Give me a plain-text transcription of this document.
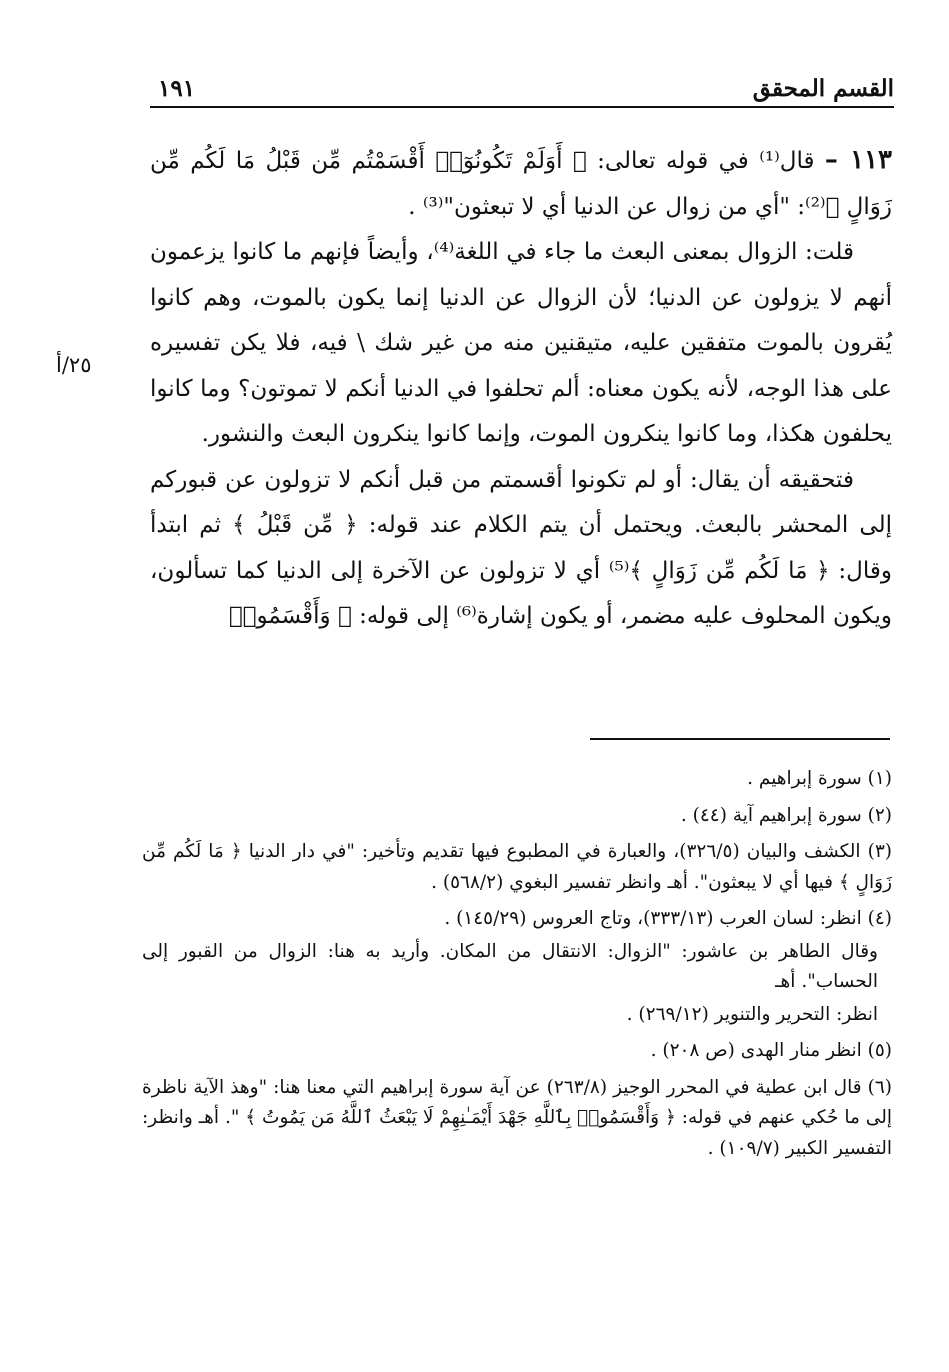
القسم المحقق
١٩١
٢٥/أ

١١٣ – قال⁽¹⁾ في قوله تعالى: ﴿ أَوَلَمْ تَكُونُوٓا۟ أَقْسَمْتُم مِّن قَبْلُ مَا لَكُم مِّن زَوَالٍ ﴾⁽²⁾: "أي من زوال عن الدنيا أي لا تبعثون"⁽³⁾ .

قلت: الزوال بمعنى البعث ما جاء في اللغة⁽⁴⁾، وأيضاً فإنهم ما كانوا يزعمون أنهم لا يزولون عن الدنيا؛ لأن الزوال عن الدنيا إنما يكون بالموت، وهم كانوا يُقرون بالموت متفقين عليه، متيقنين منه من غير شك \ فيه، فلا يكن تفسيره على هذا الوجه، لأنه يكون معناه: ألم تحلفوا في الدنيا أنكم لا تموتون؟ وما كانوا يحلفون هكذا، وما كانوا ينكرون الموت، وإنما كانوا ينكرون البعث والنشور.

فتحقيقه أن يقال: أو لم تكونوا أقسمتم من قبل أنكم لا تزولون عن قبوركم إلى المحشر بالبعث. ويحتمل أن يتم الكلام عند قوله: ﴿ مِّن قَبْلُ ﴾ ثم ابتدأ وقال: ﴿ مَا لَكُم مِّن زَوَالٍ ﴾⁽⁵⁾ أي لا تزولون عن الآخرة إلى الدنيا كما تسألون، ويكون المحلوف عليه مضمر، أو يكون إشارة⁽⁶⁾ إلى قوله: ﴿ وَأَقْسَمُوا۟

(١) سورة إبراهيم .

(٢) سورة إبراهيم آية (٤٤) .

(٣) الكشف والبيان (٣٢٦/٥)، والعبارة في المطبوع فيها تقديم وتأخير: "في دار الدنيا ﴿ مَا لَكُم مِّن زَوَالٍ ﴾ فيها أي لا يبعثون". أهـ وانظر تفسير البغوي (٥٦٨/٢) .

(٤) انظر: لسان العرب (٣٣٣/١٣)، وتاج العروس (١٤٥/٢٩) .

وقال الطاهر بن عاشور: "الزوال: الانتقال من المكان. وأريد به هنا: الزوال من القبور إلى الحساب". أهـ

انظر: التحرير والتنوير (٢٦٩/١٢) .

(٥) انظر منار الهدى (ص ٢٠٨) .

(٦) قال ابن عطية في المحرر الوجيز (٢٦٣/٨) عن آية سورة إبراهيم التي معنا هنا: "وهذ الآية ناظرة إلى ما حُكي عنهم في قوله: ﴿ وَأَقْسَمُوا۟ بِٱللَّهِ جَهْدَ أَيْمَـٰنِهِمْ لَا يَبْعَثُ ٱللَّهُ مَن يَمُوتُ ﴾ ". أهـ وانظر: التفسير الكبير (١٠٩/٧) .
